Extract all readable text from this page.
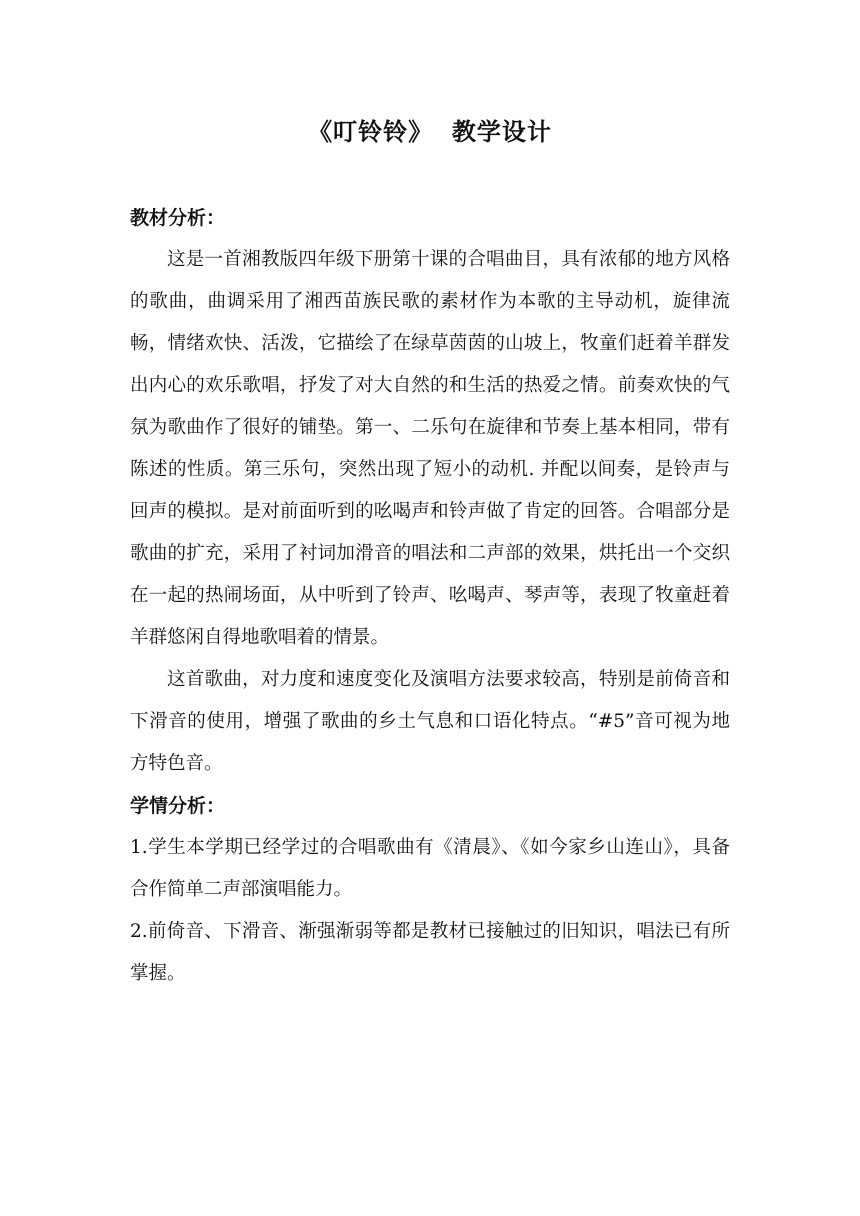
《叮铃铃》  教学设计

教材分析：

这是一首湘教版四年级下册第十课的合唱曲目，具有浓郁的地方风格的歌曲，曲调采用了湘西苗族民歌的素材作为本歌的主导动机，旋律流畅，情绪欢快、活泼，它描绘了在绿草茵茵的山坡上，牧童们赶着羊群发出内心的欢乐歌唱，抒发了对大自然的和生活的热爱之情。前奏欢快的气氛为歌曲作了很好的铺垫。第一、二乐句在旋律和节奏上基本相同，带有陈述的性质。第三乐句，突然出现了短小的动机. 并配以间奏，是铃声与回声的模拟。是对前面听到的吆喝声和铃声做了肯定的回答。合唱部分是歌曲的扩充，采用了衬词加滑音的唱法和二声部的效果，烘托出一个交织在一起的热闹场面，从中听到了铃声、吆喝声、琴声等，表现了牧童赶着羊群悠闲自得地歌唱着的情景。

这首歌曲，对力度和速度变化及演唱方法要求较高，特别是前倚音和下滑音的使用，增强了歌曲的乡土气息和口语化特点。“#5”音可视为地方特色音。

学情分析：

1.学生本学期已经学过的合唱歌曲有《清晨》、《如今家乡山连山》，具备合作简单二声部演唱能力。

2.前倚音、下滑音、渐强渐弱等都是教材已接触过的旧知识，唱法已有所掌握。
